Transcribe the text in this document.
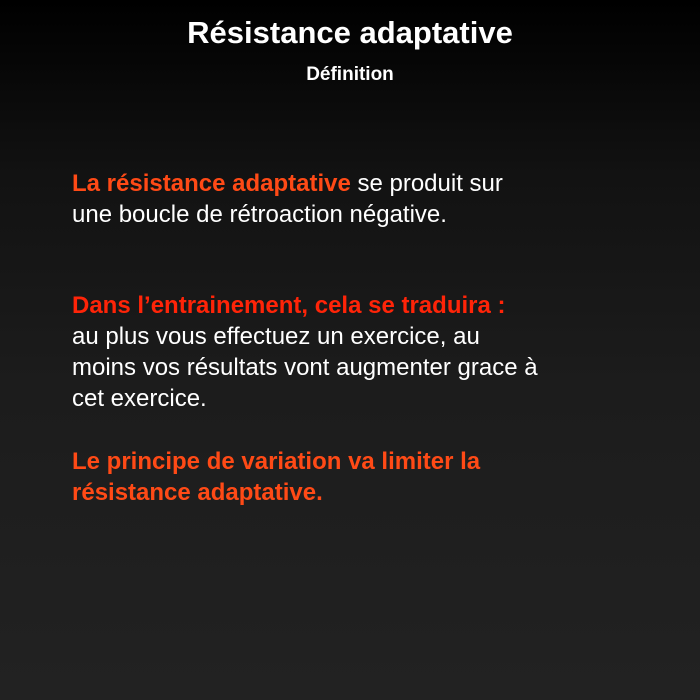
Résistance adaptative
Définition
La résistance adaptative se produit sur
une boucle de rétroaction négative.
Dans l’entrainement, cela se traduira :
au plus vous effectuez un exercice, au
moins vos résultats vont augmenter grace à
cet exercice.
Le principe de variation va limiter la
résistance adaptative.
